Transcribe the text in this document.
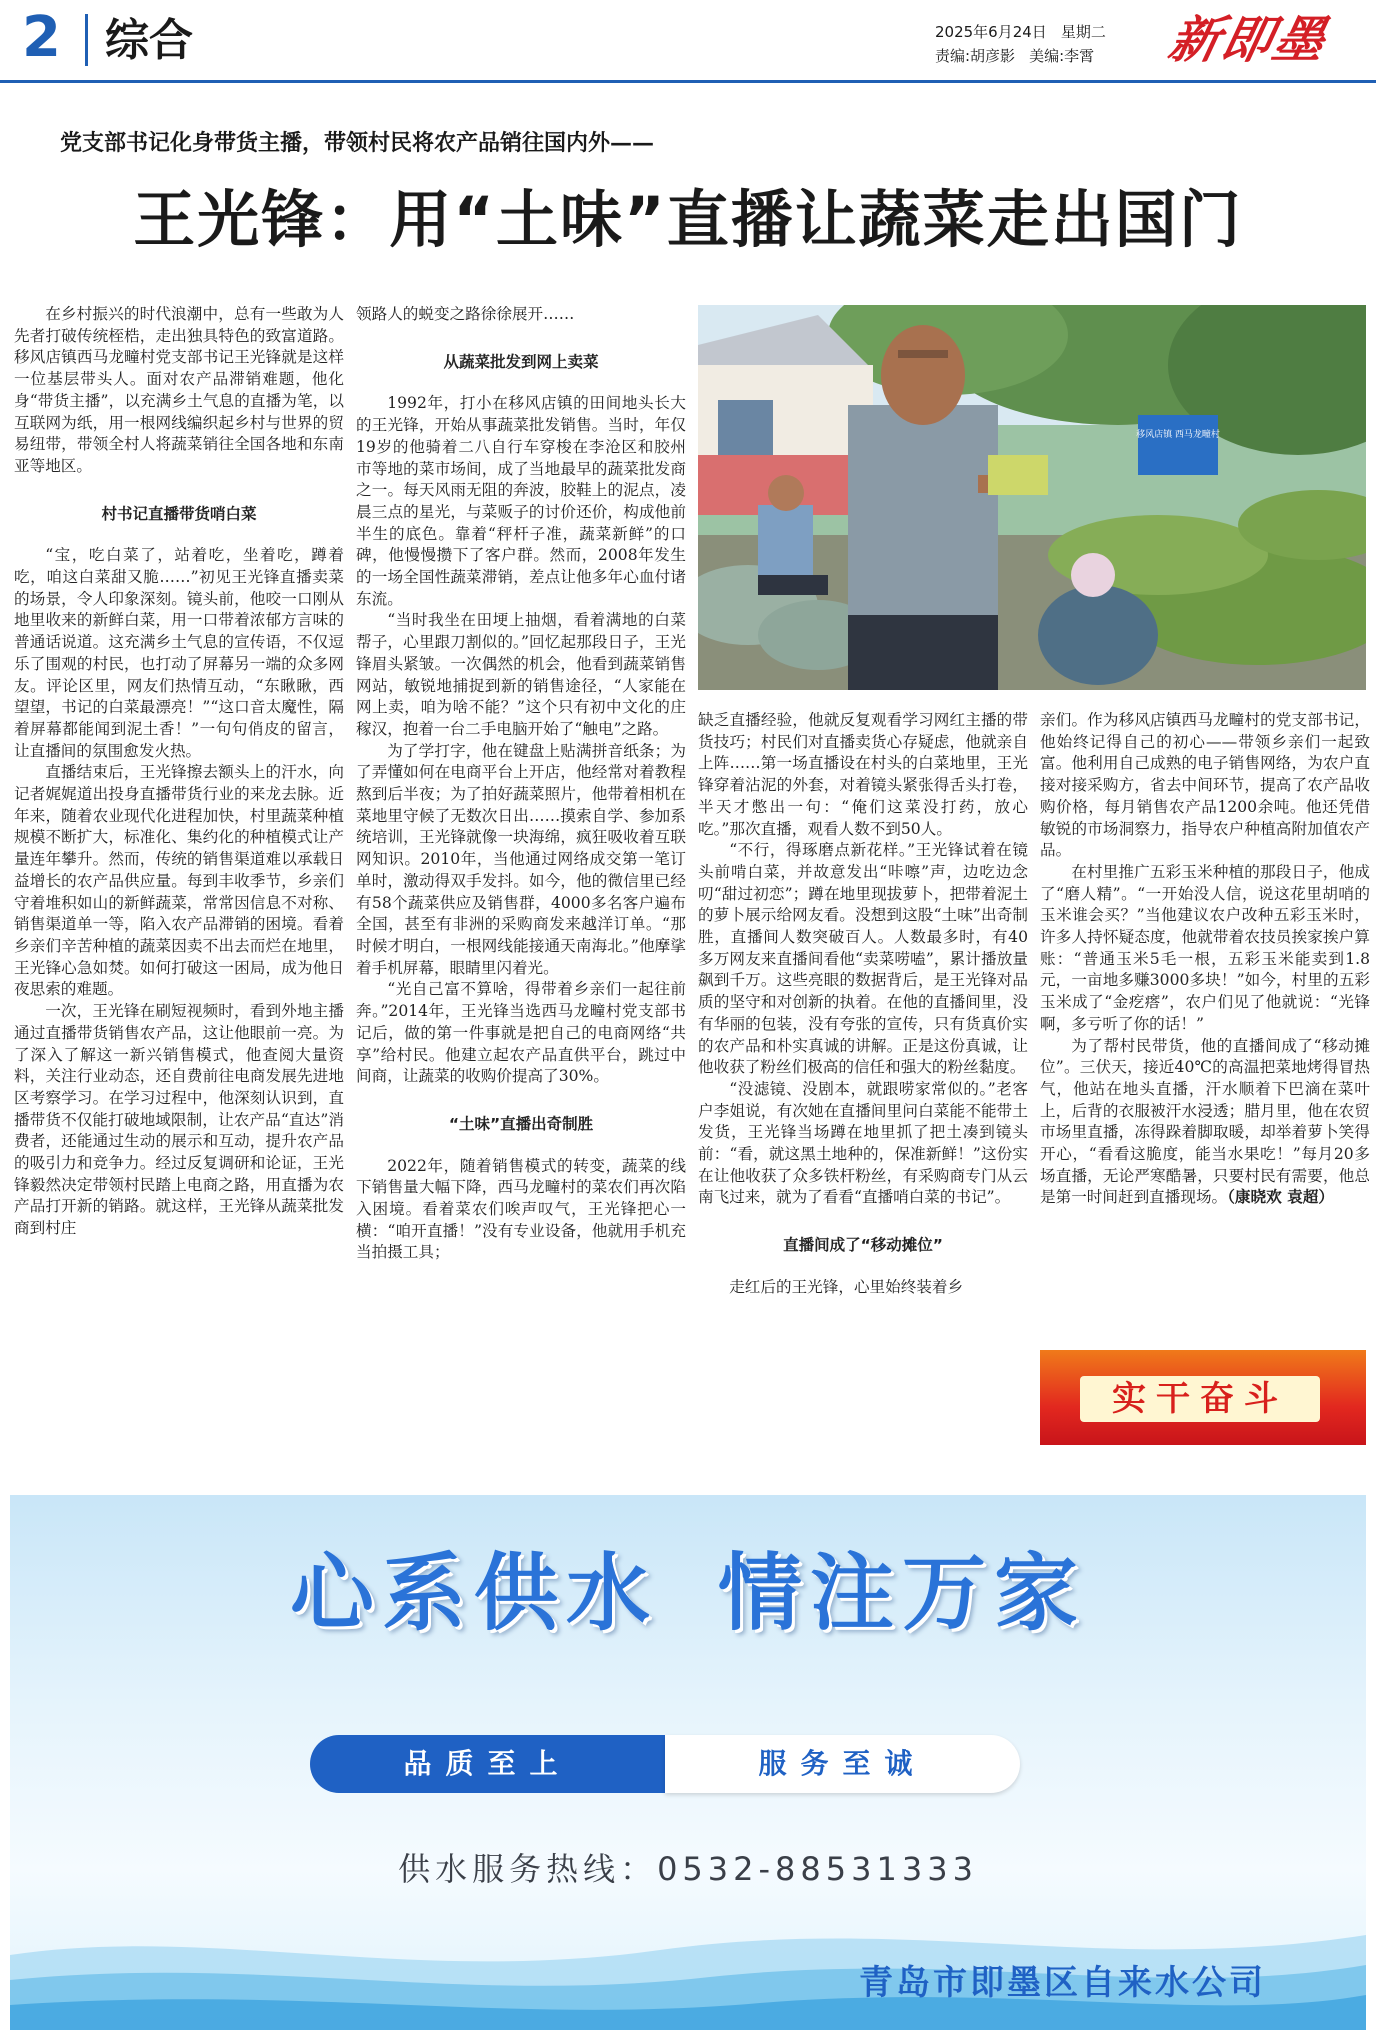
2 综合	2025年6月24日 星期二
责编:胡彦影 美编:李霄 新即墨
党支部书记化身带货主播，带领村民将农产品销往国内外——
王光锋：用“土味”直播让蔬菜走出国门

在乡村振兴的时代浪潮中，总有一些敢为人先者打破传统桎梏，走出独具特色的致富道路。移风店镇西马龙疃村党支部书记王光锋就是这样一位基层带头人。面对农产品滞销难题，他化身“带货主播”，以充满乡土气息的直播为笔，以互联网为纸，用一根网线编织起乡村与世界的贸易纽带，带领全村人将蔬菜销往全国各地和东南亚等地区。

村书记直播带货哨白菜

“宝，吃白菜了，站着吃，坐着吃，蹲着吃，咱这白菜甜又脆……”初见王光锋直播卖菜的场景，令人印象深刻。镜头前，他咬一口刚从地里收来的新鲜白菜，用一口带着浓郁方言味的普通话说道。这充满乡土气息的宣传语，不仅逗乐了围观的村民，也打动了屏幕另一端的众多网友。评论区里，网友们热情互动，“东瞅瞅，西望望，书记的白菜最漂亮！”“这口音太魔性，隔着屏幕都能闻到泥土香！”一句句俏皮的留言，让直播间的氛围愈发火热。

直播结束后，王光锋擦去额头上的汗水，向记者娓娓道出投身直播带货行业的来龙去脉。近年来，随着农业现代化进程加快，村里蔬菜种植规模不断扩大，标准化、集约化的种植模式让产量连年攀升。然而，传统的销售渠道难以承载日益增长的农产品供应量。每到丰收季节，乡亲们守着堆积如山的新鲜蔬菜，常常因信息不对称、销售渠道单一等，陷入农产品滞销的困境。看着乡亲们辛苦种植的蔬菜因卖不出去而烂在地里，王光锋心急如焚。如何打破这一困局，成为他日夜思索的难题。

一次，王光锋在刷短视频时，看到外地主播通过直播带货销售农产品，这让他眼前一亮。为了深入了解这一新兴销售模式，他查阅大量资料，关注行业动态，还自费前往电商发展先进地区考察学习。在学习过程中，他深刻认识到，直播带货不仅能打破地域限制，让农产品“直达”消费者，还能通过生动的展示和互动，提升农产品的吸引力和竞争力。经过反复调研和论证，王光锋毅然决定带领村民踏上电商之路，用直播为农产品打开新的销路。就这样，王光锋从蔬菜批发商到村庄

领路人的蜕变之路徐徐展开……

从蔬菜批发到网上卖菜

1992年，打小在移风店镇的田间地头长大的王光锋，开始从事蔬菜批发销售。当时，年仅19岁的他骑着二八自行车穿梭在李沧区和胶州市等地的菜市场间，成了当地最早的蔬菜批发商之一。每天风雨无阻的奔波，胶鞋上的泥点，凌晨三点的星光，与菜贩子的讨价还价，构成他前半生的底色。靠着“秤杆子准，蔬菜新鲜”的口碑，他慢慢攒下了客户群。然而，2008年发生的一场全国性蔬菜滞销，差点让他多年心血付诸东流。

“当时我坐在田埂上抽烟，看着满地的白菜帮子，心里跟刀割似的。”回忆起那段日子，王光锋眉头紧皱。一次偶然的机会，他看到蔬菜销售网站，敏锐地捕捉到新的销售途径，“人家能在网上卖，咱为啥不能？”这个只有初中文化的庄稼汉，抱着一台二手电脑开始了“触电”之路。

为了学打字，他在键盘上贴满拼音纸条；为了弄懂如何在电商平台上开店，他经常对着教程熬到后半夜；为了拍好蔬菜照片，他带着相机在菜地里守候了无数次日出……摸索自学、参加系统培训，王光锋就像一块海绵，疯狂吸收着互联网知识。2010年，当他通过网络成交第一笔订单时，激动得双手发抖。如今，他的微信里已经有58个蔬菜供应及销售群，4000多名客户遍布全国，甚至有非洲的采购商发来越洋订单。“那时候才明白，一根网线能接通天南海北。”他摩挲着手机屏幕，眼睛里闪着光。

“光自己富不算啥，得带着乡亲们一起往前奔。”2014年，王光锋当选西马龙疃村党支部书记后，做的第一件事就是把自己的电商网络“共享”给村民。他建立起农产品直供平台，跳过中间商，让蔬菜的收购价提高了30%。

“土味”直播出奇制胜

2022年，随着销售模式的转变，蔬菜的线下销售量大幅下降，西马龙疃村的菜农们再次陷入困境。看着菜农们唉声叹气，王光锋把心一横：“咱开直播！”没有专业设备，他就用手机充当拍摄工具；

移风店镇 西马龙疃村

缺乏直播经验，他就反复观看学习网红主播的带货技巧；村民们对直播卖货心存疑虑，他就亲自上阵……第一场直播设在村头的白菜地里，王光锋穿着沾泥的外套，对着镜头紧张得舌头打卷，半天才憋出一句：“俺们这菜没打药，放心吃。”那次直播，观看人数不到50人。

“不行，得琢磨点新花样。”王光锋试着在镜头前啃白菜，并故意发出“咔嚓”声，边吃边念叨“甜过初恋”；蹲在地里现拔萝卜，把带着泥土的萝卜展示给网友看。没想到这股“土味”出奇制胜，直播间人数突破百人。人数最多时，有40多万网友来直播间看他“卖菜唠嗑”，累计播放量飙到千万。这些亮眼的数据背后，是王光锋对品质的坚守和对创新的执着。在他的直播间里，没有华丽的包装，没有夸张的宣传，只有货真价实的农产品和朴实真诚的讲解。正是这份真诚，让他收获了粉丝们极高的信任和强大的粉丝黏度。

“没滤镜、没剧本，就跟唠家常似的。”老客户李姐说，有次她在直播间里问白菜能不能带土发货，王光锋当场蹲在地里抓了把土凑到镜头前：“看，就这黑土地种的，保准新鲜！”这份实在让他收获了众多铁杆粉丝，有采购商专门从云南飞过来，就为了看看“直播哨白菜的书记”。

直播间成了“移动摊位”

走红后的王光锋，心里始终装着乡

亲们。作为移风店镇西马龙疃村的党支部书记，他始终记得自己的初心——带领乡亲们一起致富。他利用自己成熟的电子销售网络，为农户直接对接采购方，省去中间环节，提高了农产品收购价格，每月销售农产品1200余吨。他还凭借敏锐的市场洞察力，指导农户种植高附加值农产品。

在村里推广五彩玉米种植的那段日子，他成了“磨人精”。“一开始没人信，说这花里胡哨的玉米谁会买？”当他建议农户改种五彩玉米时，许多人持怀疑态度，他就带着农技员挨家挨户算账：“普通玉米5毛一根，五彩玉米能卖到1.8元，一亩地多赚3000多块！”如今，村里的五彩玉米成了“金疙瘩”，农户们见了他就说：“光锋啊，多亏听了你的话！”

为了帮村民带货，他的直播间成了“移动摊位”。三伏天，接近40℃的高温把菜地烤得冒热气，他站在地头直播，汗水顺着下巴滴在菜叶上，后背的衣服被汗水浸透；腊月里，他在农贸市场里直播，冻得跺着脚取暖，却举着萝卜笑得开心，“看看这脆度，能当水果吃！”每月20多场直播，无论严寒酷暑，只要村民有需要，他总是第一时间赶到直播现场。（康晓欢 袁超）

实干奋斗
心系供水 情注万家
品质至上	服务至诚
供水服务热线：0532-88531333
青岛市即墨区自来水公司
